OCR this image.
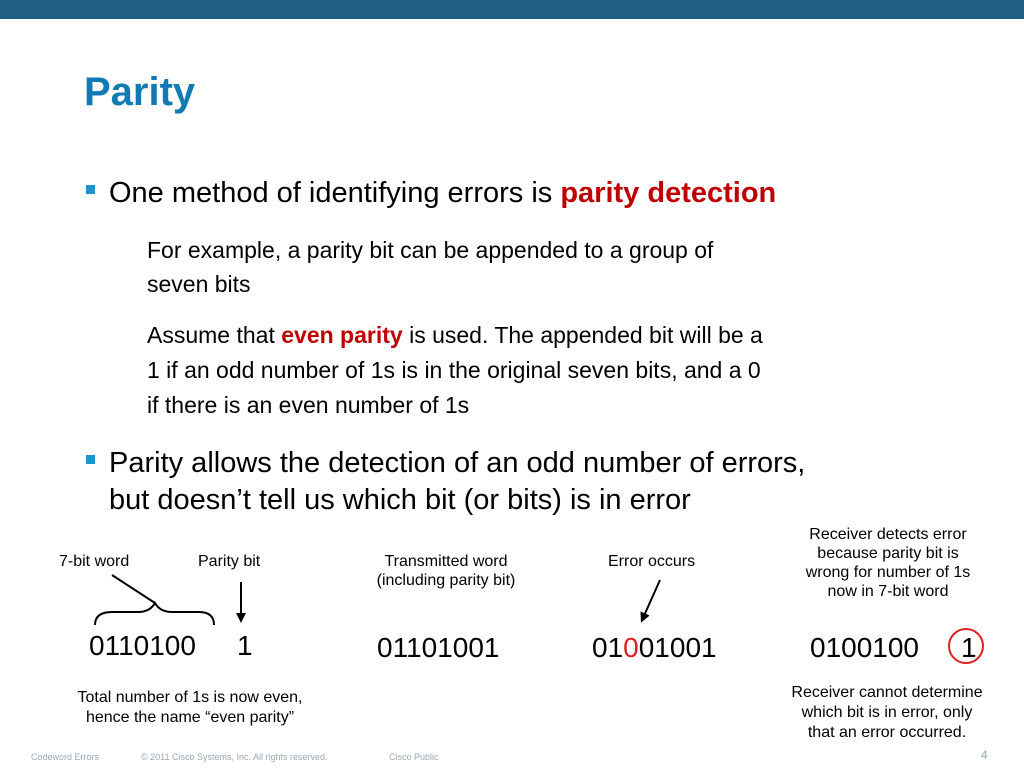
Parity
One method of identifying errors is parity detection
For example, a parity bit can be appended to a group of
seven bits
Assume that even parity is used. The appended bit will be a
1 if an odd number of 1s is in the original seven bits, and a 0
if there is an even number of 1s
Parity allows the detection of an odd number of errors,
but doesn’t tell us which bit (or bits) is in error
7-bit word	Parity bit	Transmitted word
(including parity bit)
Error occurs
Receiver detects error
because parity bit is
wrong for number of 1s
now in 7-bit word
0110100 1	01101001	01001001	0100100 1
Total number of 1s is now even,
hence the name “even parity”
Receiver cannot determine
which bit is in error, only
that an error occurred.
Codeword Errors	© 2011 Cisco Systems, Inc. All rights reserved.	Cisco Public	4
